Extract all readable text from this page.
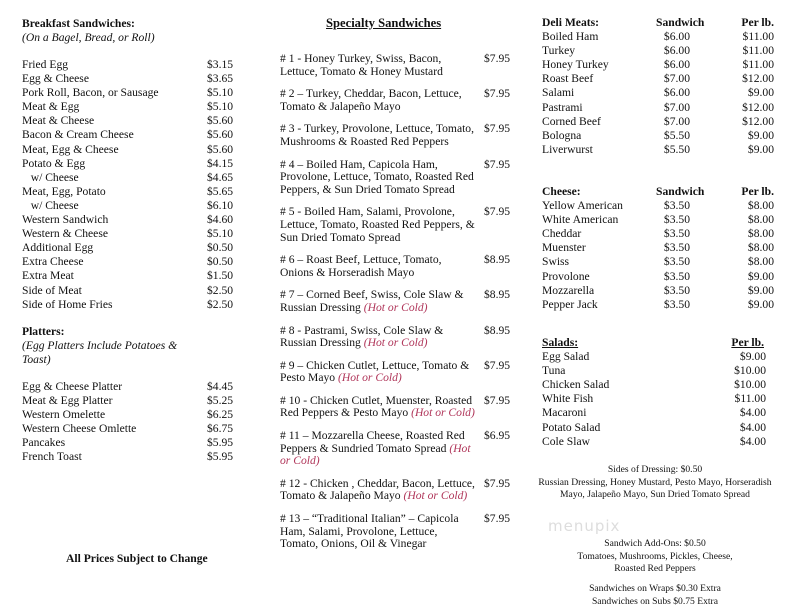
Breakfast Sandwiches:
(On a Bagel, Bread, or Roll)
Fried Egg	$3.15
Egg & Cheese	$3.65
Pork Roll, Bacon, or Sausage	$5.10
Meat & Egg	$5.10
Meat & Cheese	$5.60
Bacon & Cream Cheese	$5.60
Meat, Egg & Cheese	$5.60
Potato & Egg	$4.15
w/ Cheese	$4.65
Meat, Egg, Potato	$5.65
w/ Cheese	$6.10
Western Sandwich	$4.60
Western & Cheese	$5.10
Additional Egg	$0.50
Extra Cheese	$0.50
Extra Meat	$1.50
Side of Meat	$2.50
Side of Home Fries	$2.50
Platters:
(Egg Platters Include Potatoes & Toast)
Egg & Cheese Platter	$4.45
Meat & Egg Platter	$5.25
Western Omelette	$6.25
Western Cheese Omlette	$6.75
Pancakes	$5.95
French Toast	$5.95
All Prices Subject to Change
Specialty Sandwiches
# 1 - Honey Turkey, Swiss, Bacon, Lettuce, Tomato & Honey Mustard
$7.95
# 2 – Turkey, Cheddar, Bacon, Lettuce, Tomato & Jalapeño Mayo
$7.95
# 3 - Turkey, Provolone, Lettuce, Tomato, Mushrooms & Roasted Red Peppers
$7.95
# 4 – Boiled Ham, Capicola Ham, Provolone, Lettuce, Tomato, Roasted Red Peppers, & Sun Dried Tomato Spread
$7.95
# 5 - Boiled Ham, Salami, Provolone, Lettuce, Tomato, Roasted Red Peppers, & Sun Dried Tomato Spread
$7.95
# 6 – Roast Beef, Lettuce, Tomato, Onions & Horseradish Mayo
$8.95
# 7 – Corned Beef, Swiss, Cole Slaw & Russian Dressing (Hot or Cold)
$8.95
# 8 - Pastrami, Swiss, Cole Slaw & Russian Dressing (Hot or Cold)
$8.95
# 9 – Chicken Cutlet, Lettuce, Tomato & Pesto Mayo (Hot or Cold)
$7.95
# 10 - Chicken Cutlet, Muenster, Roasted Red Peppers & Pesto Mayo (Hot or Cold)
$7.95
# 11 – Mozzarella Cheese, Roasted Red Peppers & Sundried Tomato Spread (Hot or Cold)
$6.95
# 12 - Chicken , Cheddar, Bacon, Lettuce, Tomato & Jalapeño Mayo (Hot or Cold)
$7.95
# 13 – “Traditional Italian” – Capicola Ham, Salami, Provolone, Lettuce, Tomato, Onions, Oil & Vinegar
$7.95
Deli Meats:	Sandwich	Per lb.
Boiled Ham	$6.00	$11.00
Turkey	$6.00	$11.00
Honey Turkey	$6.00	$11.00
Roast Beef	$7.00	$12.00
Salami	$6.00	$9.00
Pastrami	$7.00	$12.00
Corned Beef	$7.00	$12.00
Bologna	$5.50	$9.00
Liverwurst	$5.50	$9.00
Cheese:	Sandwich	Per lb.
Yellow American	$3.50	$8.00
White American	$3.50	$8.00
Cheddar	$3.50	$8.00
Muenster	$3.50	$8.00
Swiss	$3.50	$8.00
Provolone	$3.50	$9.00
Mozzarella	$3.50	$9.00
Pepper Jack	$3.50	$9.00
Salads:	Per lb.
Egg Salad	$9.00
Tuna	$10.00
Chicken Salad	$10.00
White Fish	$11.00
Macaroni	$4.00
Potato Salad	$4.00
Cole Slaw	$4.00
Sides of Dressing: $0.50
Russian Dressing, Honey Mustard, Pesto Mayo, Horseradish Mayo, Jalapeño Mayo, Sun Dried Tomato Spread
menupix
Sandwich Add-Ons: $0.50
Tomatoes, Mushrooms, Pickles, Cheese, Roasted Red Peppers
Sandwiches on Wraps $0.30 Extra
Sandwiches on Subs $0.75 Extra
